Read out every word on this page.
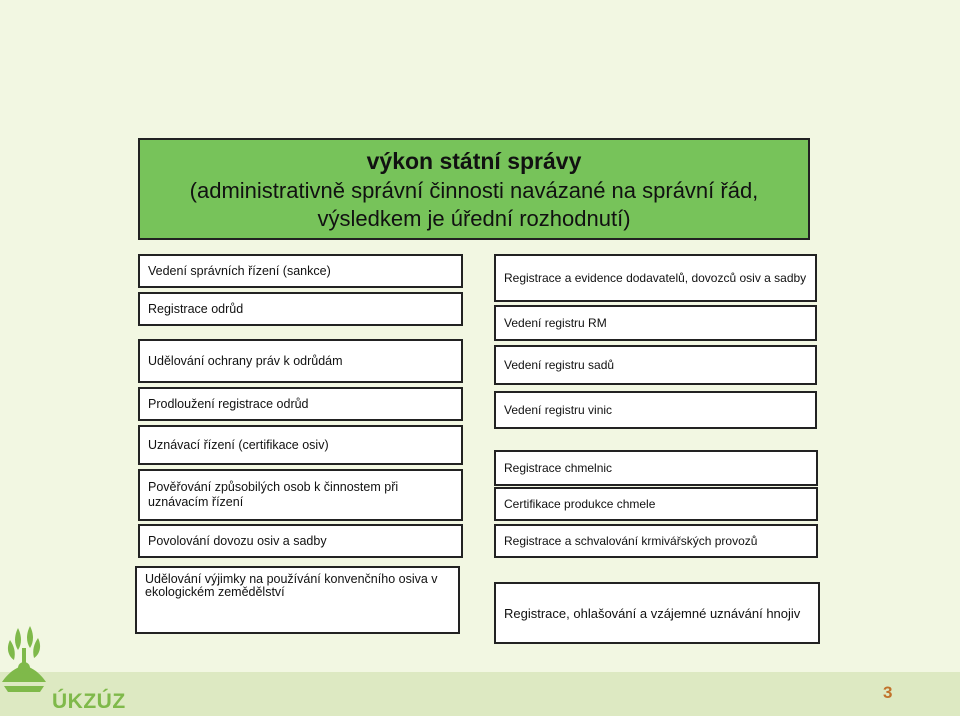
výkon státní správy
(administrativně správní činnosti navázané na správní řád,
výsledkem je úřední rozhodnutí)
Vedení správních řízení (sankce)
Registrace odrůd
Udělování ochrany práv k odrůdám
Prodloužení registrace odrůd
Uznávací řízení (certifikace osiv)
Pověřování způsobilých osob k činnostem při uznávacím řízení
Povolování dovozu osiv a sadby
Udělování výjimky na používání konvenčního osiva v ekologickém zemědělství
Registrace a evidence dodavatelů, dovozců osiv a sadby
Vedení registru RM
Vedení registru sadů
Vedení registru vinic
Registrace chmelnic
Certifikace produkce chmele
Registrace a schvalování krmivářských provozů
Registrace, ohlašování a vzájemné uznávání hnojiv
ÚKZÚZ	3
